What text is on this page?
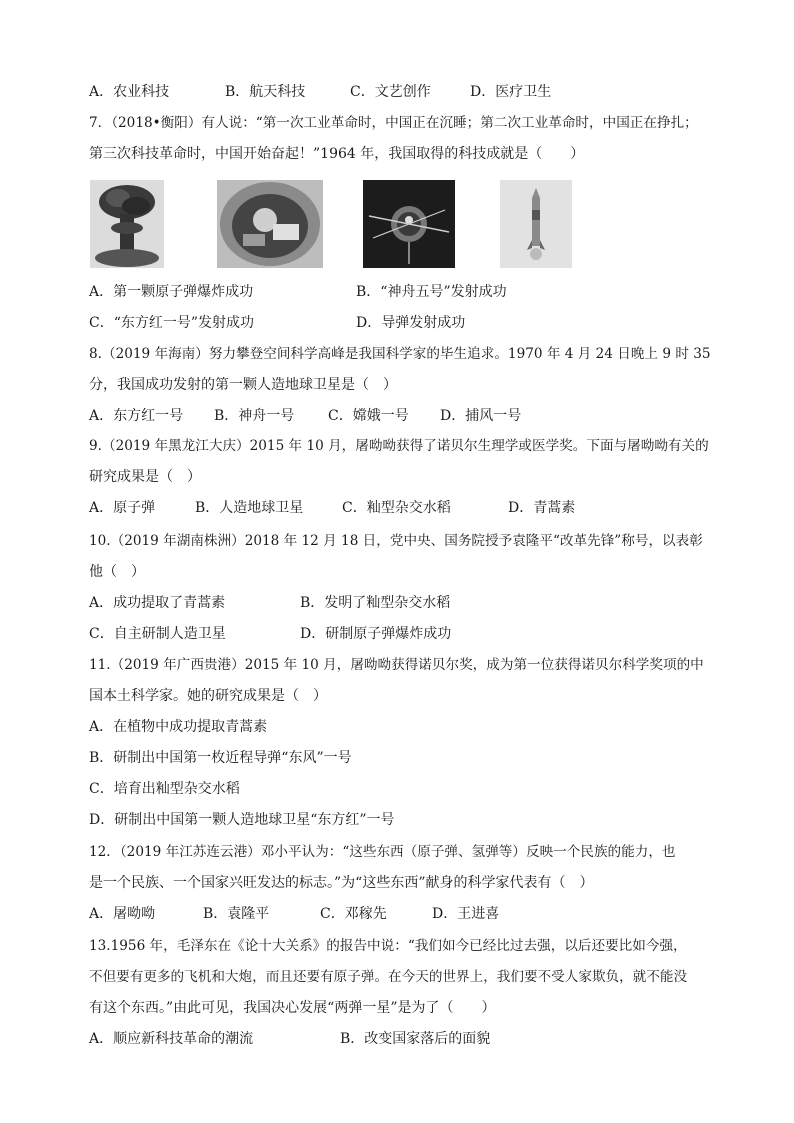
A．农业科技	B．航天科技	C．文艺创作	D．医疗卫生
7．（2018•衡阳）有人说：“第一次工业革命时，中国正在沉睡；第二次工业革命时，中国正在挣扎；
第三次科技革命时，中国开始奋起！”1964 年，我国取得的科技成就是（　　）
A．第一颗原子弹爆炸成功	B．“神舟五号”发射成功
C．“东方红一号”发射成功	D．导弹发射成功
8.（2019 年海南）努力攀登空间科学高峰是我国科学家的毕生追求。1970 年 4 月 24 日晚上 9 时 35
分，我国成功发射的第一颗人造地球卫星是（　）
A．东方红一号 B．神舟一号 C．嫦娥一号 D．捕风一号
9.（2019 年黑龙江大庆）2015 年 10 月，屠呦呦获得了诺贝尔生理学或医学奖。下面与屠呦呦有关的
研究成果是（　）
A．原子弹	B．人造地球卫星	C．籼型杂交水稻	D．青蒿素
10.（2019 年湖南株洲）2018 年 12 月 18 日，党中央、国务院授予袁隆平“改革先锋”称号，以表彰
他（　）
A．成功提取了青蒿素	B．发明了籼型杂交水稻
C．自主研制人造卫星	D．研制原子弹爆炸成功
11.（2019 年广西贵港）2015 年 10 月，屠呦呦获得诺贝尔奖，成为第一位获得诺贝尔科学奖项的中
国本土科学家。她的研究成果是（　）
A．在植物中成功提取青蒿素
B．研制出中国第一枚近程导弹“东风”一号
C．培育出籼型杂交水稻
D．研制出中国第一颗人造地球卫星“东方红”一号
12．（2019 年江苏连云港）邓小平认为：“这些东西（原子弹、氢弹等）反映一个民族的能力，也
是一个民族、一个国家兴旺发达的标志。”为“这些东西”献身的科学家代表有（　）
A．屠呦呦	B．袁隆平	C．邓稼先	D．王进喜
13.1956 年，毛泽东在《论十大关系》的报告中说：“我们如今已经比过去强，以后还要比如今强，
不但要有更多的飞机和大炮，而且还要有原子弹。在今天的世界上，我们要不受人家欺负，就不能没
有这个东西。”由此可见，我国决心发展“两弹一星”是为了（　　）
A．顺应新科技革命的潮流	B．改变国家落后的面貌
